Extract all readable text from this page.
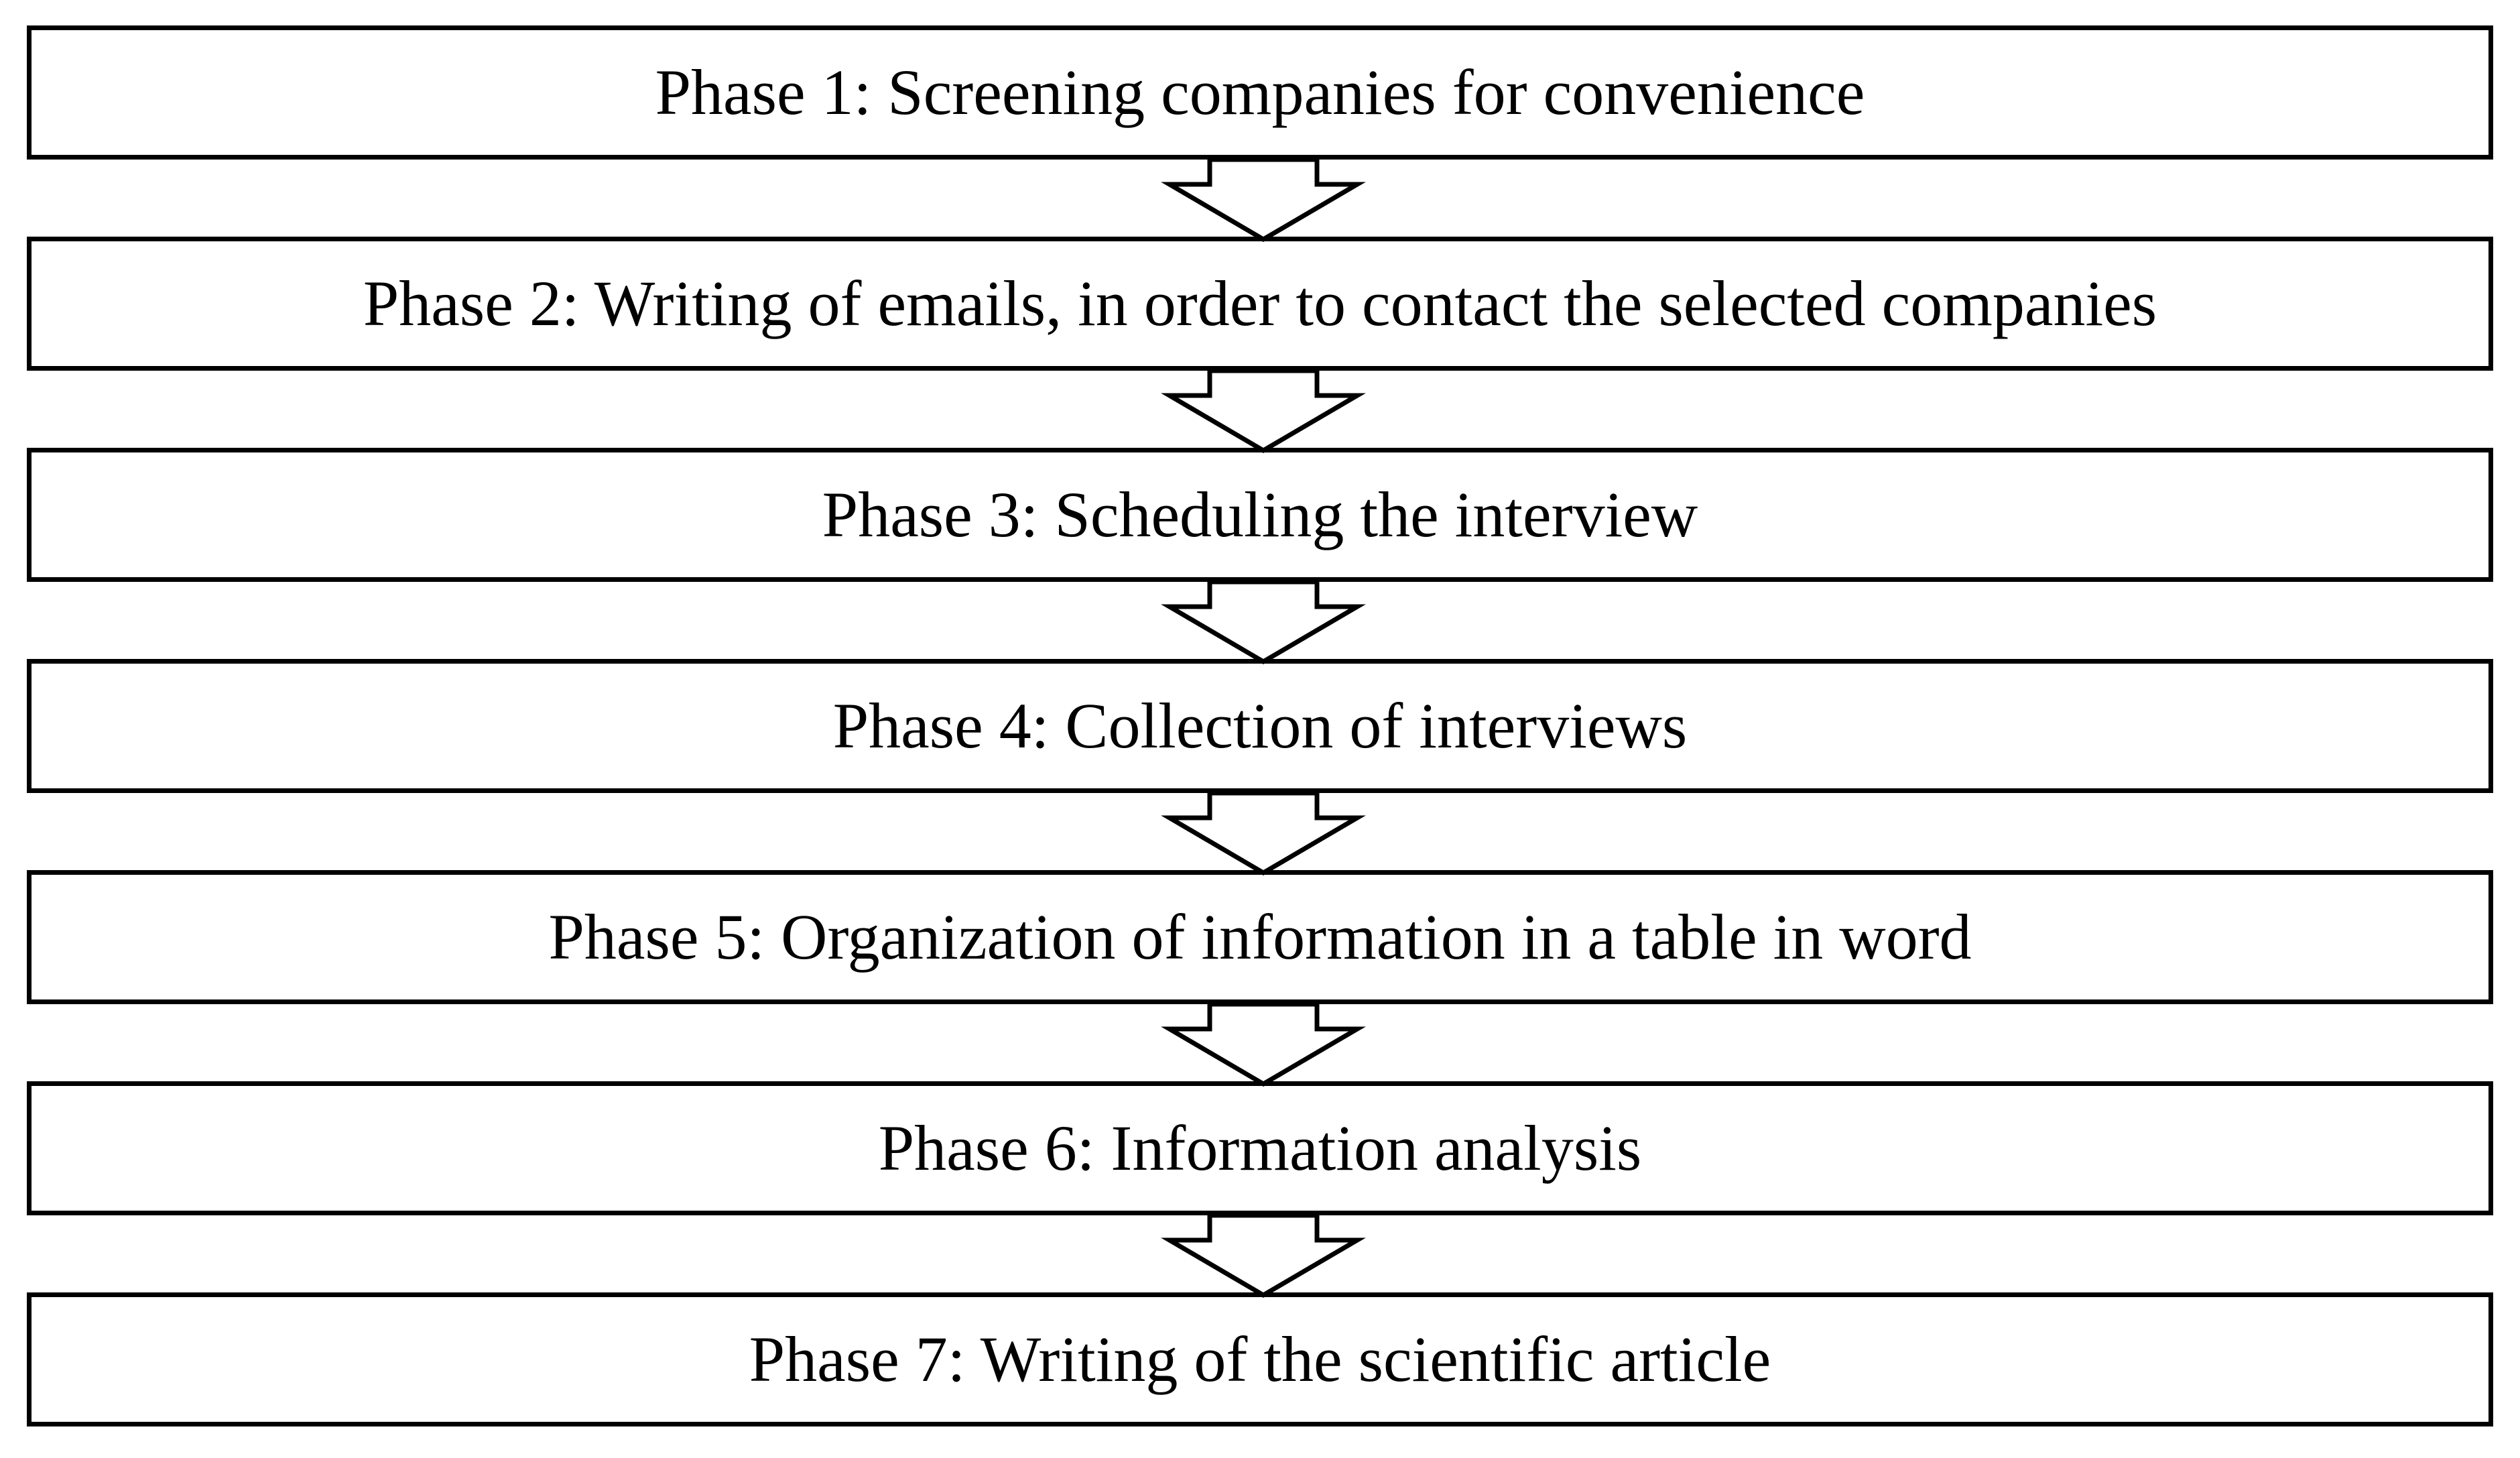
Phase 1: Screening companies for convenience
Phase 2: Writing of emails, in order to contact the selected companies
Phase 3: Scheduling the interview
Phase 4: Collection of interviews
Phase 5: Organization of information in a table in word
Phase 6: Information analysis
Phase 7: Writing of the scientific article
